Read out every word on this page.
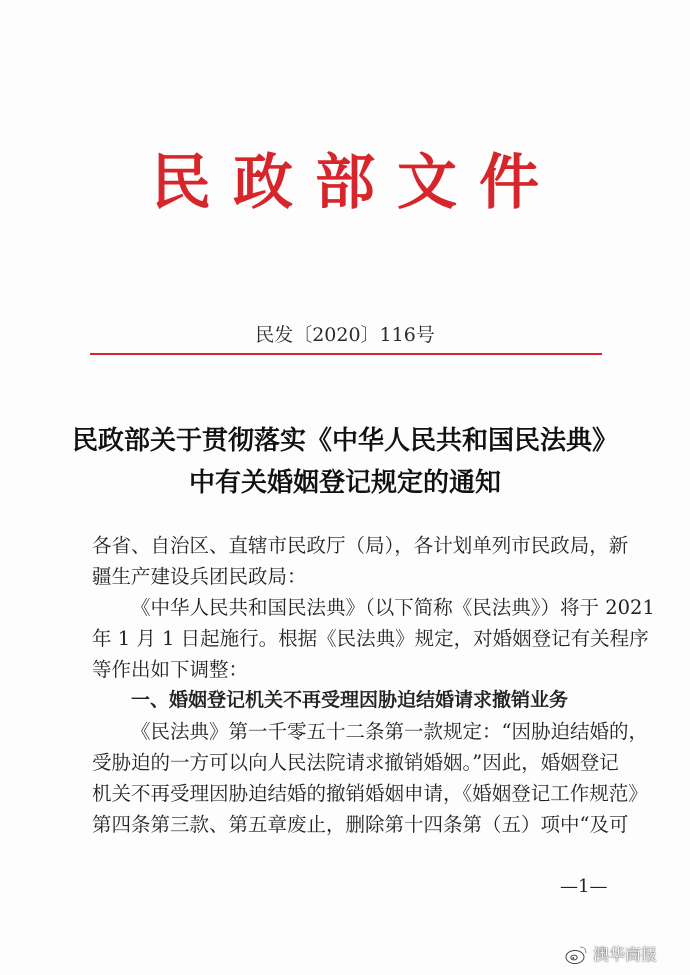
民政部文件
民发〔2020〕116号
民政部关于贯彻落实《中华人民共和国民法典》
中有关婚姻登记规定的通知
各省、自治区、直辖市民政厅（局），各计划单列市民政局，新
疆生产建设兵团民政局：
《中华人民共和国民法典》（以下简称《民法典》）将于 2021
年 1 月 1 日起施行。根据《民法典》规定，对婚姻登记有关程序
等作出如下调整：
一、婚姻登记机关不再受理因胁迫结婚请求撤销业务
《民法典》第一千零五十二条第一款规定：“因胁迫结婚的，
受胁迫的一方可以向人民法院请求撤销婚姻。”因此，婚姻登记
机关不再受理因胁迫结婚的撤销婚姻申请，《婚姻登记工作规范》
第四条第三款、第五章废止，删除第十四条第（五）项中“及可
—1—
澳华商报
